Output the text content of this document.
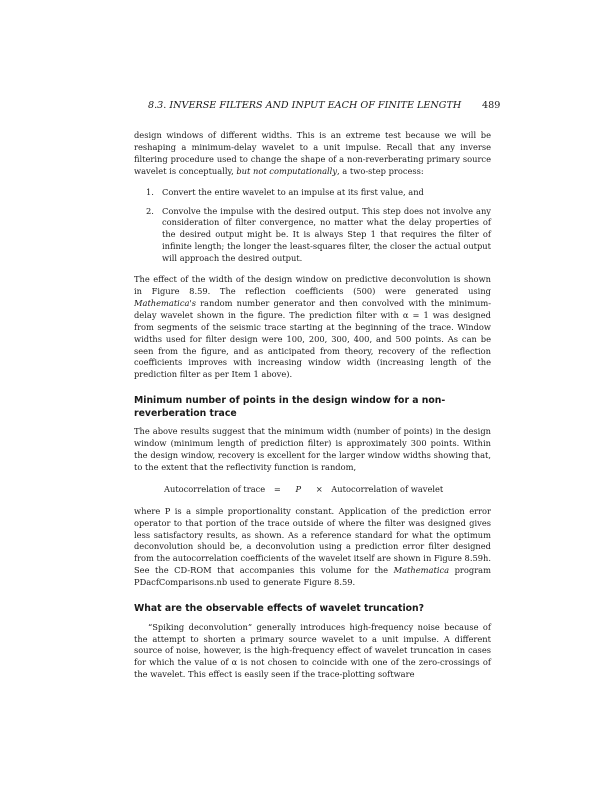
8.3. INVERSE FILTERS AND INPUT EACH OF FINITE LENGTH	489

design windows of different widths. This is an extreme test because we will be reshaping a minimum-delay wavelet to a unit impulse. Recall that any inverse filtering procedure used to change the shape of a non-reverberating primary source wavelet is conceptually, but not computationally, a two-step process:

1. Convert the entire wavelet to an impulse at its first value, and
2. Convolve the impulse with the desired output. This step does not involve any consideration of filter convergence, no matter what the delay properties of the desired output might be. It is always Step 1 that requires the filter of infinite length; the longer the least-squares filter, the closer the actual output will approach the desired output.

The effect of the width of the design window on predictive deconvolution is shown in Figure 8.59. The reflection coefficients (500) were generated using Mathematica's random number generator and then convolved with the minimum-delay wavelet shown in the figure. The prediction filter with α = 1 was designed from segments of the seismic trace starting at the beginning of the trace. Window widths used for filter design were 100, 200, 300, 400, and 500 points. As can be seen from the figure, and as anticipated from theory, recovery of the reflection coefficients improves with increasing window width (increasing length of the prediction filter as per Item 1 above).

Minimum number of points in the design window for a non-reverberation trace

The above results suggest that the minimum width (number of points) in the design window (minimum length of prediction filter) is approximately 300 points. Within the design window, recovery is excellent for the larger window widths showing that, to the extent that the reflectivity function is random,

Autocorrelation of trace = P × Autocorrelation of wavelet

where P is a simple proportionality constant. Application of the prediction error operator to that portion of the trace outside of where the filter was designed gives less satisfactory results, as shown. As a reference standard for what the optimum deconvolution should be, a deconvolution using a prediction error filter designed from the autocorrelation coefficients of the wavelet itself are shown in Figure 8.59h. See the CD-ROM that accompanies this volume for the Mathematica program PDacfComparisons.nb used to generate Figure 8.59.

What are the observable effects of wavelet truncation?

“Spiking deconvolution” generally introduces high-frequency noise because of the attempt to shorten a primary source wavelet to a unit impulse. A different source of noise, however, is the high-frequency effect of wavelet truncation in cases for which the value of α is not chosen to coincide with one of the zero-crossings of the wavelet. This effect is easily seen if the trace-plotting software
